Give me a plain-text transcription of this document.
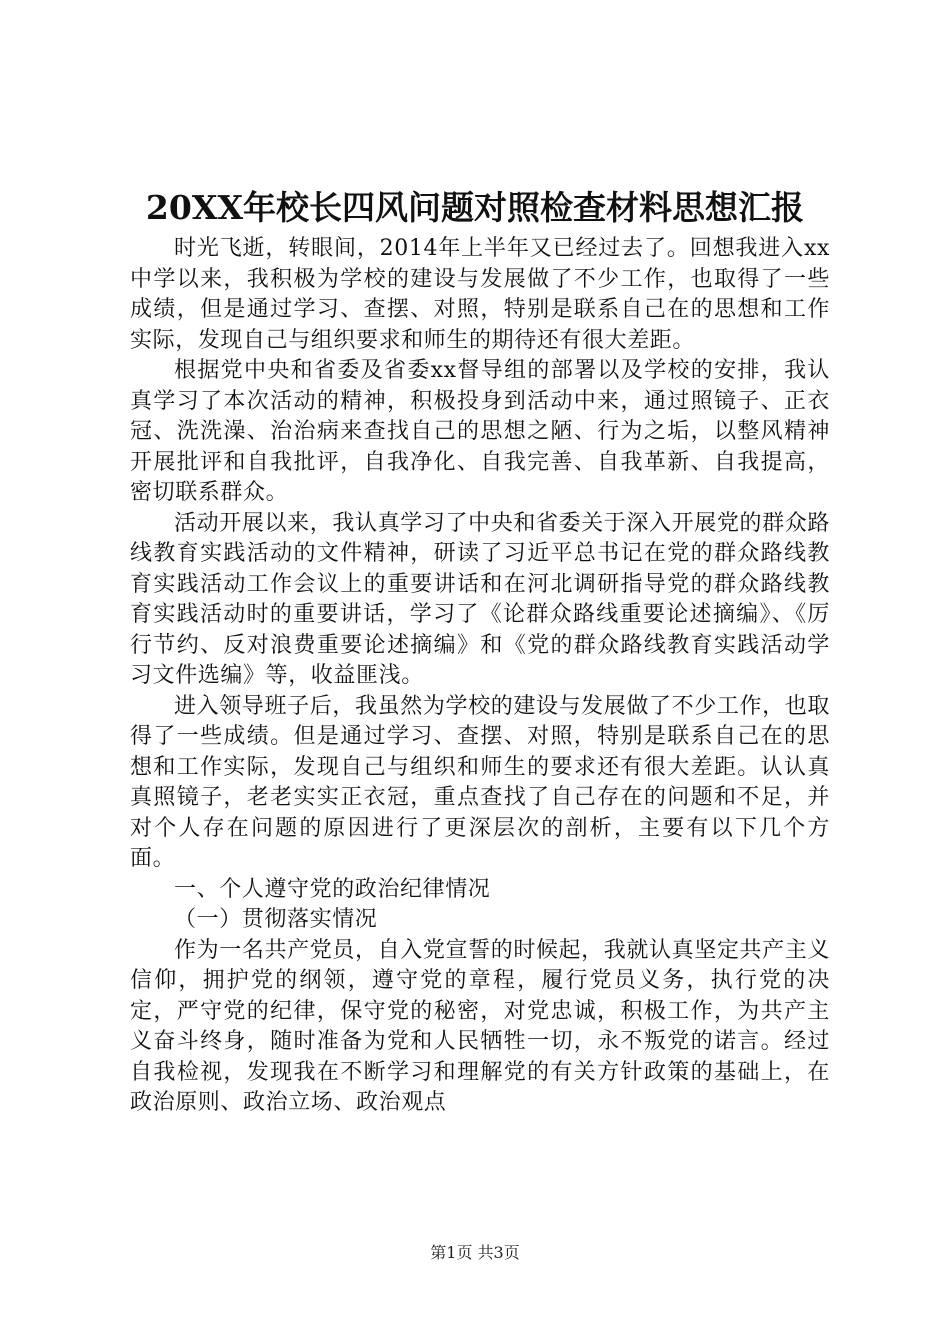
20XX年校长四风问题对照检查材料思想汇报

时光飞逝，转眼间，2014年上半年又已经过去了。回想我进入xx中学以来，我积极为学校的建设与发展做了不少工作，也取得了一些成绩，但是通过学习、查摆、对照，特别是联系自己在的思想和工作实际，发现自己与组织要求和师生的期待还有很大差距。

根据党中央和省委及省委xx督导组的部署以及学校的安排，我认真学习了本次活动的精神，积极投身到活动中来，通过照镜子、正衣冠、洗洗澡、治治病来查找自己的思想之陋、行为之垢，以整风精神开展批评和自我批评，自我净化、自我完善、自我革新、自我提高，密切联系群众。

活动开展以来，我认真学习了中央和省委关于深入开展党的群众路线教育实践活动的文件精神，研读了习近平总书记在党的群众路线教育实践活动工作会议上的重要讲话和在河北调研指导党的群众路线教育实践活动时的重要讲话，学习了《论群众路线重要论述摘编》、《厉行节约、反对浪费重要论述摘编》和《党的群众路线教育实践活动学习文件选编》等，收益匪浅。

进入领导班子后，我虽然为学校的建设与发展做了不少工作，也取得了一些成绩。但是通过学习、查摆、对照，特别是联系自己在的思想和工作实际，发现自己与组织和师生的要求还有很大差距。认认真真照镜子，老老实实正衣冠，重点查找了自己存在的问题和不足，并对个人存在问题的原因进行了更深层次的剖析，主要有以下几个方面。

一、个人遵守党的政治纪律情况

（一）贯彻落实情况

作为一名共产党员，自入党宣誓的时候起，我就认真坚定共产主义信仰，拥护党的纲领，遵守党的章程，履行党员义务，执行党的决定，严守党的纪律，保守党的秘密，对党忠诚，积极工作，为共产主义奋斗终身，随时准备为党和人民牺牲一切，永不叛党的诺言。经过自我检视，发现我在不断学习和理解党的有关方针政策的基础上，在政治原则、政治立场、政治观点

第1页 共3页
